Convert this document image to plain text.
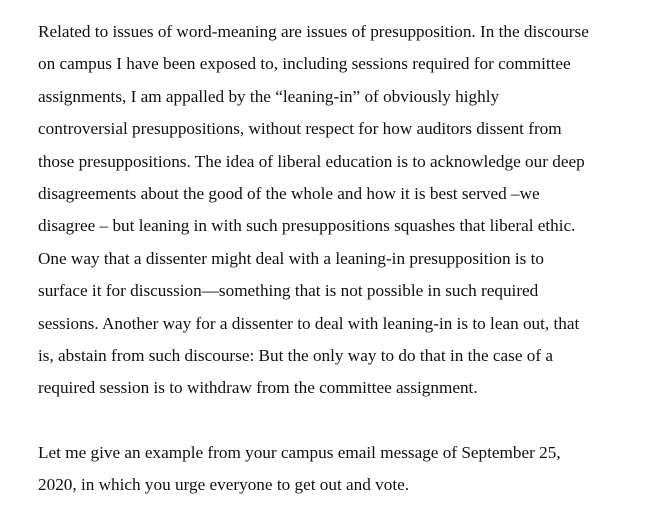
Related to issues of word-meaning are issues of presupposition. In the discourse
on campus I have been exposed to, including sessions required for committee
assignments, I am appalled by the “leaning-in” of obviously highly
controversial presuppositions, without respect for how auditors dissent from
those presuppositions. The idea of liberal education is to acknowledge our deep
disagreements about the good of the whole and how it is best served –we
disagree – but leaning in with such presuppositions squashes that liberal ethic.
One way that a dissenter might deal with a leaning-in presupposition is to
surface it for discussion—something that is not possible in such required
sessions. Another way for a dissenter to deal with leaning-in is to lean out, that
is, abstain from such discourse: But the only way to do that in the case of a
required session is to withdraw from the committee assignment.
Let me give an example from your campus email message of September 25,
2020, in which you urge everyone to get out and vote.
